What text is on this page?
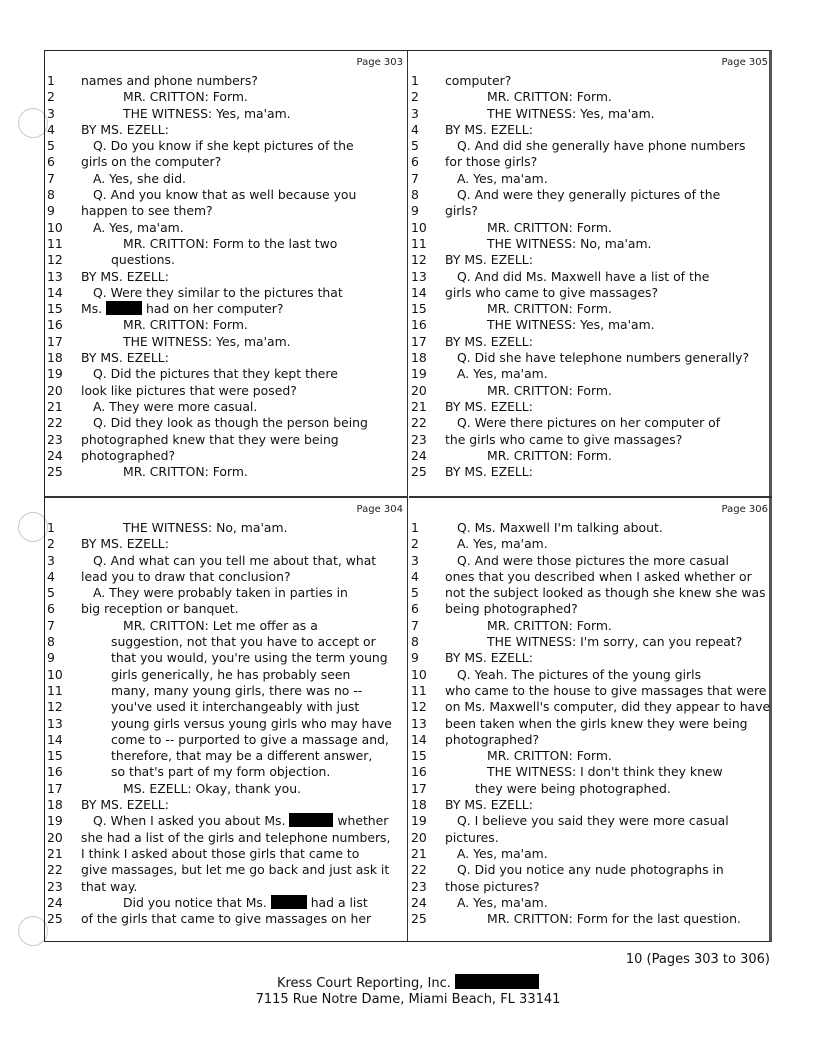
Page 303
1	names and phone numbers?
2	MR. CRITTON: Form.
3	THE WITNESS: Yes, ma'am.
4	BY MS. EZELL:
5	Q. Do you know if she kept pictures of the
6	girls on the computer?
7	A. Yes, she did.
8	Q. And you know that as well because you
9	happen to see them?
10	A. Yes, ma'am.
11	MR. CRITTON: Form to the last two
12	questions.
13	BY MS. EZELL:
14	Q. Were they similar to the pictures that
15	Ms.	had on her computer?
16	MR. CRITTON: Form.
17	THE WITNESS: Yes, ma'am.
18	BY MS. EZELL:
19	Q. Did the pictures that they kept there
20	look like pictures that were posed?
21	A. They were more casual.
22	Q. Did they look as though the person being
23	photographed knew that they were being
24	photographed?
25	MR. CRITTON: Form.
Page 305
1	computer?
2	MR. CRITTON: Form.
3	THE WITNESS: Yes, ma'am.
4	BY MS. EZELL:
5	Q. And did she generally have phone numbers
6	for those girls?
7	A. Yes, ma'am.
8	Q. And were they generally pictures of the
9	girls?
10	MR. CRITTON: Form.
11	THE WITNESS: No, ma'am.
12	BY MS. EZELL:
13	Q. And did Ms. Maxwell have a list of the
14	girls who came to give massages?
15	MR. CRITTON: Form.
16	THE WITNESS: Yes, ma'am.
17	BY MS. EZELL:
18	Q. Did she have telephone numbers generally?
19	A. Yes, ma'am.
20	MR. CRITTON: Form.
21	BY MS. EZELL:
22	Q. Were there pictures on her computer of
23	the girls who came to give massages?
24	MR. CRITTON: Form.
25	BY MS. EZELL:
Page 304
1	THE WITNESS: No, ma'am.
2	BY MS. EZELL:
3	Q. And what can you tell me about that, what
4	lead you to draw that conclusion?
5	A. They were probably taken in parties in
6	big reception or banquet.
7	MR. CRITTON: Let me offer as a
8	suggestion, not that you have to accept or
9	that you would, you're using the term young
10	girls generically, he has probably seen
11	many, many young girls, there was no --
12	you've used it interchangeably with just
13	young girls versus young girls who may have
14	come to -- purported to give a massage and,
15	therefore, that may be a different answer,
16	so that's part of my form objection.
17	MS. EZELL: Okay, thank you.
18	BY MS. EZELL:
19	Q. When I asked you about Ms.	whether
20	she had a list of the girls and telephone numbers,
21	I think I asked about those girls that came to
22	give massages, but let me go back and just ask it
23	that way.
24	Did you notice that Ms.	had a list
25	of the girls that came to give massages on her
Page 306
1	Q. Ms. Maxwell I'm talking about.
2	A. Yes, ma'am.
3	Q. And were those pictures the more casual
4	ones that you described when I asked whether or
5	not the subject looked as though she knew she was
6	being photographed?
7	MR. CRITTON: Form.
8	THE WITNESS: I'm sorry, can you repeat?
9	BY MS. EZELL:
10	Q. Yeah. The pictures of the young girls
11	who came to the house to give massages that were
12	on Ms. Maxwell's computer, did they appear to have
13	been taken when the girls knew they were being
14	photographed?
15	MR. CRITTON: Form.
16	THE WITNESS: I don't think they knew
17	they were being photographed.
18	BY MS. EZELL:
19	Q. I believe you said they were more casual
20	pictures.
21	A. Yes, ma'am.
22	Q. Did you notice any nude photographs in
23	those pictures?
24	A. Yes, ma'am.
25	MR. CRITTON: Form for the last question.
10 (Pages 303 to 306)
Kress Court Reporting, Inc.
7115 Rue Notre Dame, Miami Beach, FL 33141
